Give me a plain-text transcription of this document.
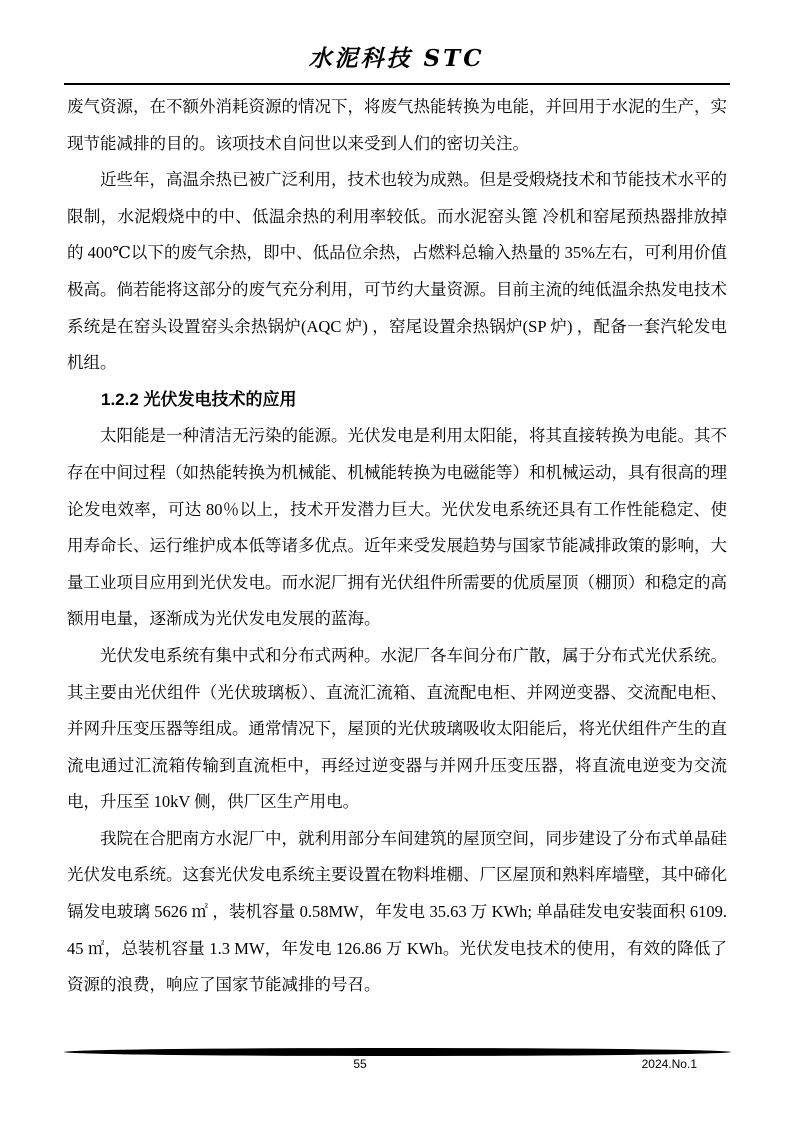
水泥科技 STC

废气资源，在不额外消耗资源的情况下，将废气热能转换为电能，并回用于水泥的生产，实现节能减排的目的。该项技术自问世以来受到人们的密切关注。

近些年，高温余热已被广泛利用，技术也较为成熟。但是受煅烧技术和节能技术水平的限制，水泥煅烧中的中、低温余热的利用率较低。而水泥窑头篦 冷机和窑尾预热器排放掉的 400℃以下的废气余热，即中、低品位余热，占燃料总输入热量的 35%左右，可利用价值极高。倘若能将这部分的废气充分利用，可节约大量资源。目前主流的纯低温余热发电技术系统是在窑头设置窑头余热锅炉(AQC 炉) ，窑尾设置余热锅炉(SP 炉) ，配备一套汽轮发电机组。

1.2.2 光伏发电技术的应用

太阳能是一种清洁无污染的能源。光伏发电是利用太阳能，将其直接转换为电能。其不存在中间过程（如热能转换为机械能、机械能转换为电磁能等）和机械运动，具有很高的理论发电效率，可达 80％以上，技术开发潜力巨大。光伏发电系统还具有工作性能稳定、使用寿命长、运行维护成本低等诸多优点。近年来受发展趋势与国家节能减排政策的影响，大量工业项目应用到光伏发电。而水泥厂拥有光伏组件所需要的优质屋顶（棚顶）和稳定的高额用电量，逐渐成为光伏发电发展的蓝海。

光伏发电系统有集中式和分布式两种。水泥厂各车间分布广散，属于分布式光伏系统。其主要由光伏组件（光伏玻璃板）、直流汇流箱、直流配电柜、并网逆变器、交流配电柜、并网升压变压器等组成。通常情况下，屋顶的光伏玻璃吸收太阳能后，将光伏组件产生的直流电通过汇流箱传输到直流柜中，再经过逆变器与并网升压变压器，将直流电逆变为交流电，升压至 10kV 侧，供厂区生产用电。

我院在合肥南方水泥厂中，就利用部分车间建筑的屋顶空间，同步建设了分布式单晶硅光伏发电系统。这套光伏发电系统主要设置在物料堆棚、厂区屋顶和熟料库墙壁，其中碲化镉发电玻璃 5626 ㎡ ，装机容量 0.58MW，年发电 35.63 万 KWh; 单晶硅发电安装面积 6109.45 ㎡，总装机容量 1.3 MW，年发电 126.86 万 KWh。光伏发电技术的使用，有效的降低了资源的浪费，响应了国家节能减排的号召。

55	2024.No.1
